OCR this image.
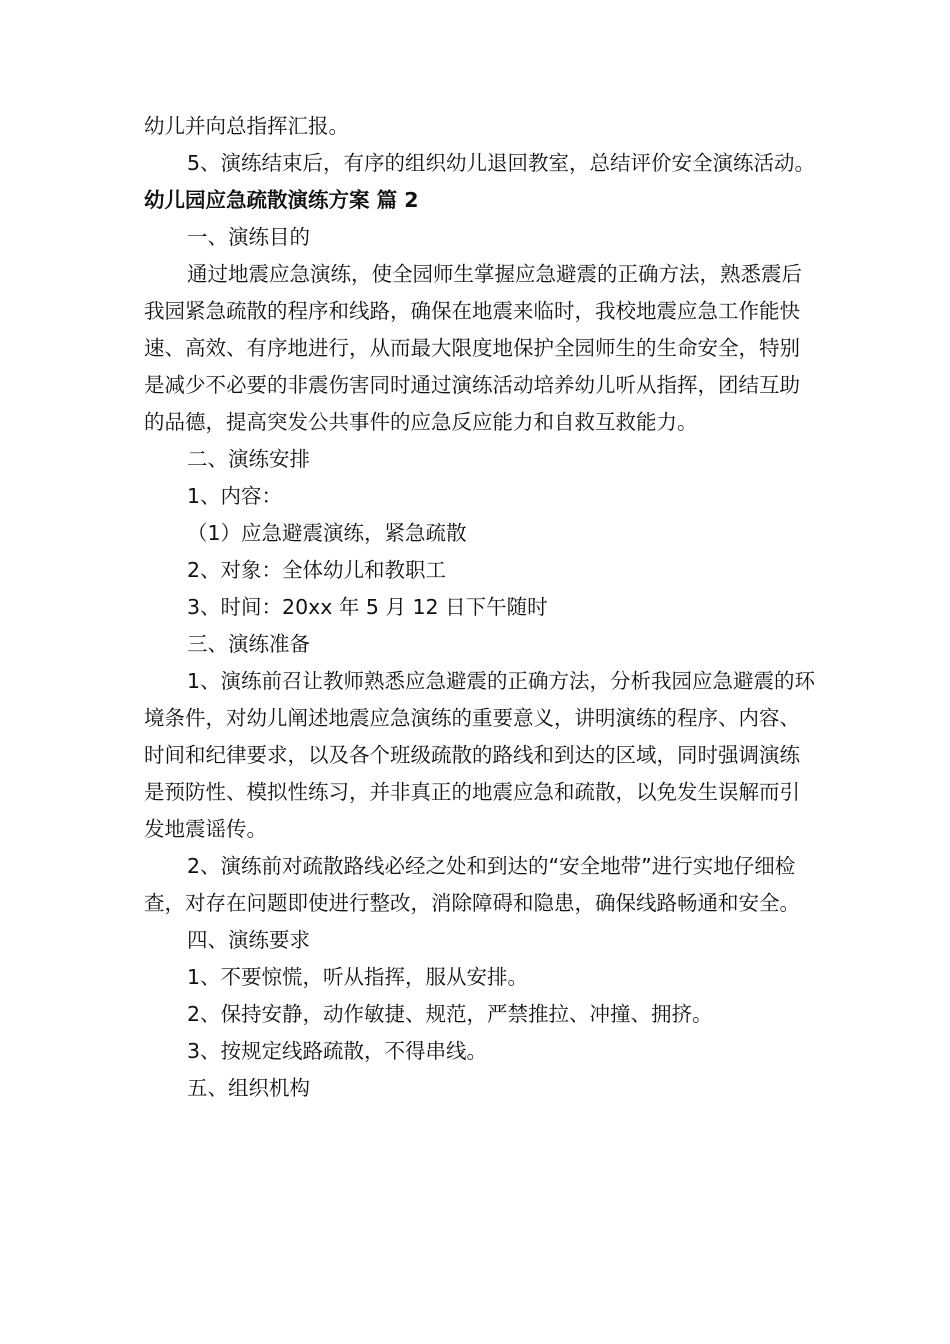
幼儿并向总指挥汇报。

5、演练结束后，有序的组织幼儿退回教室，总结评价安全演练活动。

幼儿园应急疏散演练方案 篇 2

一、演练目的

通过地震应急演练，使全园师生掌握应急避震的正确方法，熟悉震后我园紧急疏散的程序和线路，确保在地震来临时，我校地震应急工作能快速、高效、有序地进行，从而最大限度地保护全园师生的生命安全，特别是减少不必要的非震伤害同时通过演练活动培养幼儿听从指挥，团结互助的品德，提高突发公共事件的应急反应能力和自救互救能力。

二、演练安排

1、内容：

（1）应急避震演练，紧急疏散

2、对象：全体幼儿和教职工

3、时间：20xx 年 5 月 12 日下午随时

三、演练准备

1、演练前召让教师熟悉应急避震的正确方法，分析我园应急避震的环境条件，对幼儿阐述地震应急演练的重要意义，讲明演练的程序、内容、时间和纪律要求，以及各个班级疏散的路线和到达的区域，同时强调演练是预防性、模拟性练习，并非真正的地震应急和疏散，以免发生误解而引发地震谣传。

2、演练前对疏散路线必经之处和到达的“安全地带”进行实地仔细检查，对存在问题即使进行整改，消除障碍和隐患，确保线路畅通和安全。

四、演练要求

1、不要惊慌，听从指挥，服从安排。

2、保持安静，动作敏捷、规范，严禁推拉、冲撞、拥挤。

3、按规定线路疏散，不得串线。

五、组织机构
